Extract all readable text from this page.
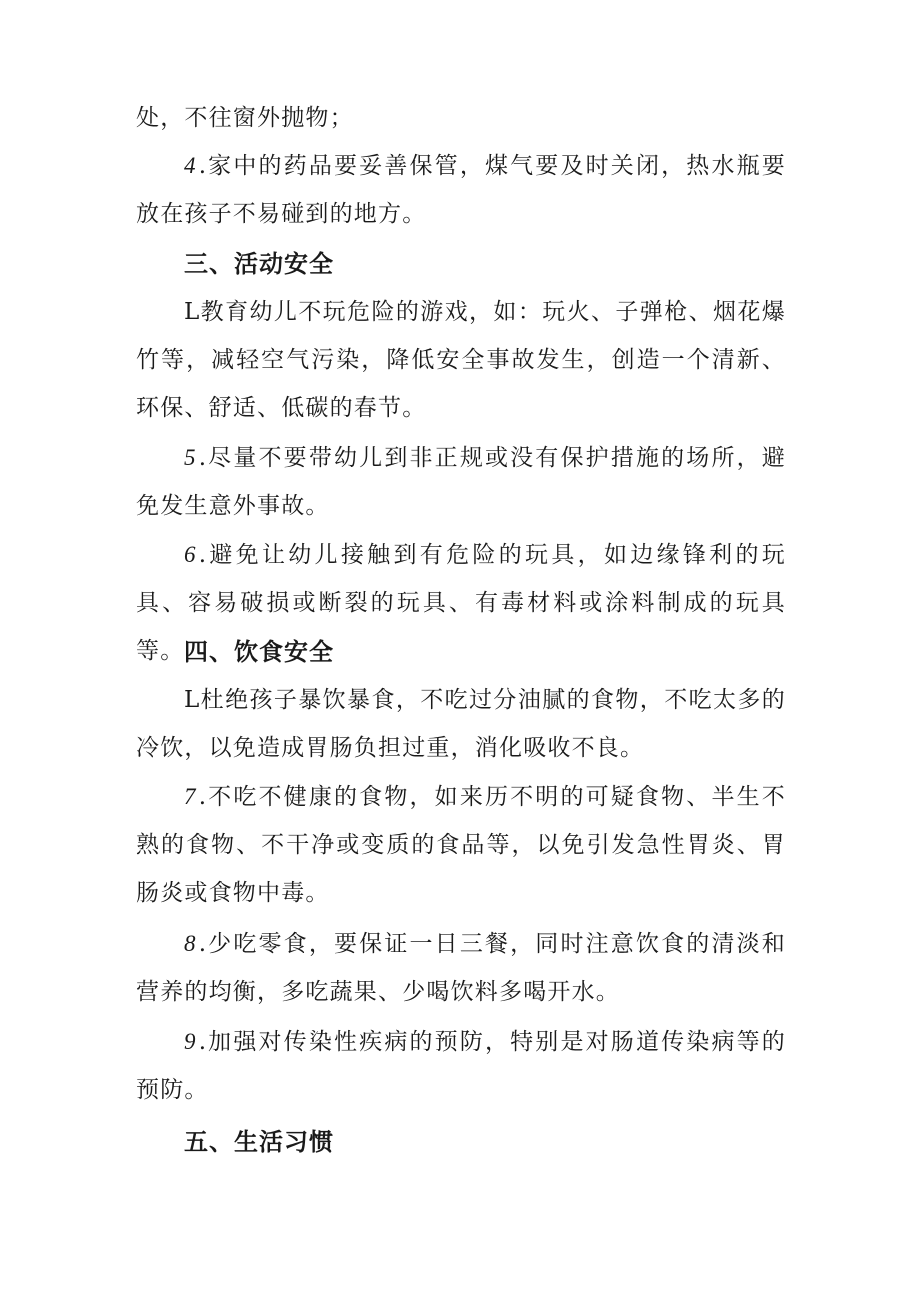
处，不往窗外抛物；

4.家中的药品要妥善保管，煤气要及时关闭，热水瓶要放在孩子不易碰到的地方。

三、活动安全

L教育幼儿不玩危险的游戏，如：玩火、子弹枪、烟花爆竹等，减轻空气污染，降低安全事故发生，创造一个清新、环保、舒适、低碳的春节。

5.尽量不要带幼儿到非正规或没有保护措施的场所，避免发生意外事故。

6.避免让幼儿接触到有危险的玩具，如边缘锋利的玩具、容易破损或断裂的玩具、有毒材料或涂料制成的玩具等。 四、饮食安全

L杜绝孩子暴饮暴食，不吃过分油腻的食物，不吃太多的冷饮，以免造成胃肠负担过重，消化吸收不良。

7.不吃不健康的食物，如来历不明的可疑食物、半生不熟的食物、不干净或变质的食品等，以免引发急性胃炎、胃肠炎或食物中毒。

8.少吃零食，要保证一日三餐，同时注意饮食的清淡和营养的均衡，多吃蔬果、少喝饮料多喝开水。

9.加强对传染性疾病的预防，特别是对肠道传染病等的预防。

五、生活习惯
